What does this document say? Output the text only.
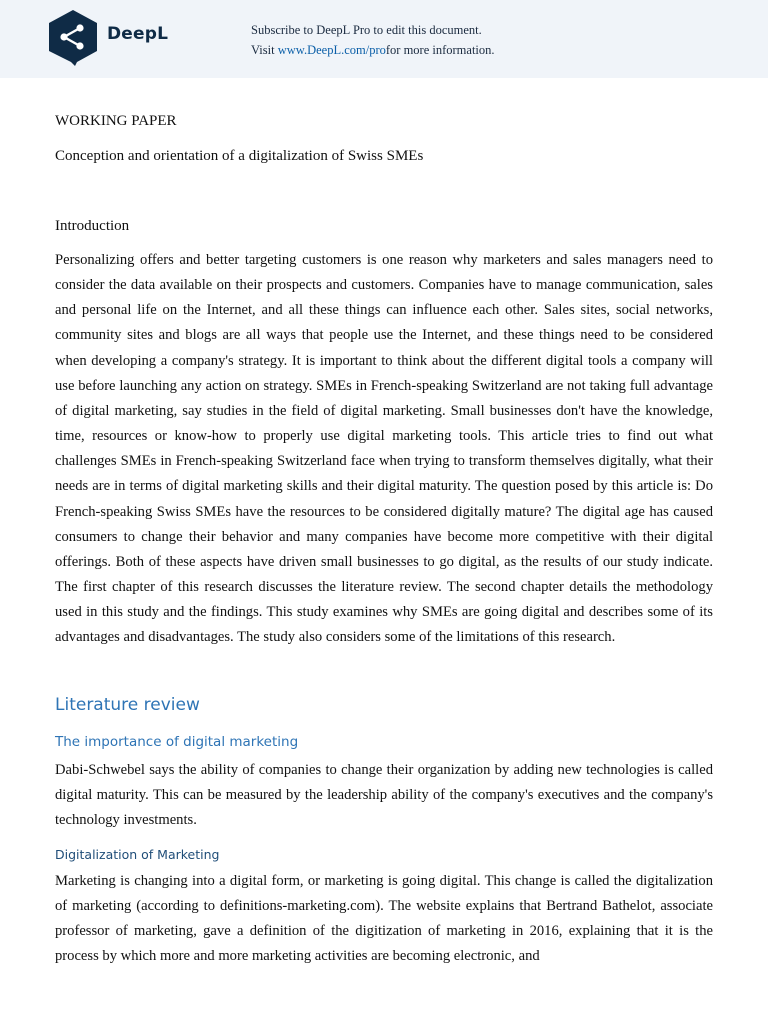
DeepL	Subscribe to DeepL Pro to edit this document.
Visit www.DeepL.com/profor more information.

WORKING PAPER

Conception and orientation of a digitalization of Swiss SMEs

Introduction

Personalizing offers and better targeting customers is one reason why marketers and sales managers need to consider the data available on their prospects and customers. Companies have to manage communication, sales and personal life on the Internet, and all these things can influence each other. Sales sites, social networks, community sites and blogs are all ways that people use the Internet, and these things need to be considered when developing a company's strategy. It is important to think about the different digital tools a company will use before launching any action on strategy. SMEs in French-speaking Switzerland are not taking full advantage of digital marketing, say studies in the field of digital marketing. Small businesses don't have the knowledge, time, resources or know-how to properly use digital marketing tools. This article tries to find out what challenges SMEs in French-speaking Switzerland face when trying to transform themselves digitally, what their needs are in terms of digital marketing skills and their digital maturity. The question posed by this article is: Do French-speaking Swiss SMEs have the resources to be considered digitally mature? The digital age has caused consumers to change their behavior and many companies have become more competitive with their digital offerings. Both of these aspects have driven small businesses to go digital, as the results of our study indicate. The first chapter of this research discusses the literature review. The second chapter details the methodology used in this study and the findings. This study examines why SMEs are going digital and describes some of its advantages and disadvantages. The study also considers some of the limitations of this research.

Literature review

The importance of digital marketing

Dabi-Schwebel says the ability of companies to change their organization by adding new technologies is called digital maturity. This can be measured by the leadership ability of the company's executives and the company's technology investments.

Digitalization of Marketing

Marketing is changing into a digital form, or marketing is going digital. This change is called the digitalization of marketing (according to definitions-marketing.com). The website explains that Bertrand Bathelot, associate professor of marketing, gave a definition of the digitization of marketing in 2016, explaining that it is the process by which more and more marketing activities are becoming electronic, and
